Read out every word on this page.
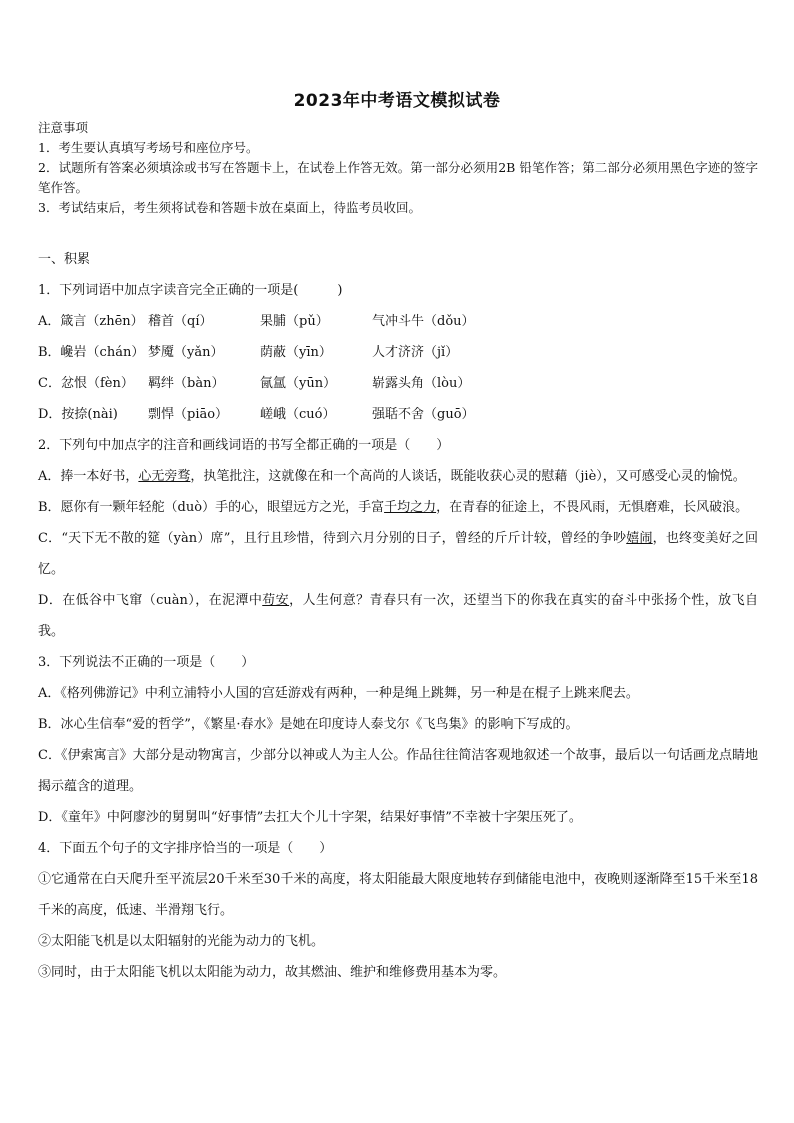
2023年中考语文模拟试卷
注意事项
1．考生要认真填写考场号和座位序号。
2．试题所有答案必须填涂或书写在答题卡上，在试卷上作答无效。第一部分必须用2B 铅笔作答；第二部分必须用黑色字迹的签字笔作答。
3．考试结束后，考生须将试卷和答题卡放在桌面上，待监考员收回。
一、积累
1．下列词语中加点字读音完全正确的一项是(　　　)
A．箴言（zhēn） 稽首（qí）	果脯（pǔ）	气冲斗牛（dǒu）
B．巉岩（chán） 梦魇（yǎn）	荫蔽（yīn）	人才济济（jǐ）
C．忿恨（fèn）	羁绊（bàn）	氤氲（yūn）	崭露头角（lòu）
D．按捺(nài)	剽悍（piāo）	嵯峨（cuó）	强聒不舍（guō）
2．下列句中加点字的注音和画线词语的书写全都正确的一项是（　　）
A．捧一本好书，心无旁骛，执笔批注，这就像在和一个高尚的人谈话，既能收获心灵的慰藉（jiè），又可感受心灵的愉悦。
B．愿你有一颗年轻舵（duò）手的心，眼望远方之光，手富千均之力，在青春的征途上，不畏风雨，无惧磨难，长风破浪。
C．“天下无不散的筵（yàn）席”，且行且珍惜，待到六月分别的日子，曾经的斤斤计较，曾经的争吵嬉闹，也终变美好之回忆。
D．在低谷中飞窜（cuàn），在泥潭中苟安，人生何意？青春只有一次，还望当下的你我在真实的奋斗中张扬个性，放飞自我。
3．下列说法不正确的一项是（　　）
A．《格列佛游记》中利立浦特小人国的宫廷游戏有两种，一种是绳上跳舞，另一种是在棍子上跳来爬去。
B．冰心生信奉“爱的哲学”，《繁星·春水》是她在印度诗人泰戈尔《飞鸟集》的影响下写成的。
C．《伊索寓言》大部分是动物寓言，少部分以神或人为主人公。作品往往简洁客观地叙述一个故事，最后以一句话画龙点睛地揭示蕴含的道理。
D．《童年》中阿廖沙的舅舅叫“好事情”去扛大个儿十字架，结果好事情”不幸被十字架压死了。
4．下面五个句子的文字排序恰当的一项是（　　）
①它通常在白天爬升至平流层20千米至30千米的高度，将太阳能最大限度地转存到储能电池中，夜晚则逐渐降至15千米至18千米的高度，低速、半滑翔飞行。
②太阳能飞机是以太阳辐射的光能为动力的飞机。
③同时，由于太阳能飞机以太阳能为动力，故其燃油、维护和维修费用基本为零。
